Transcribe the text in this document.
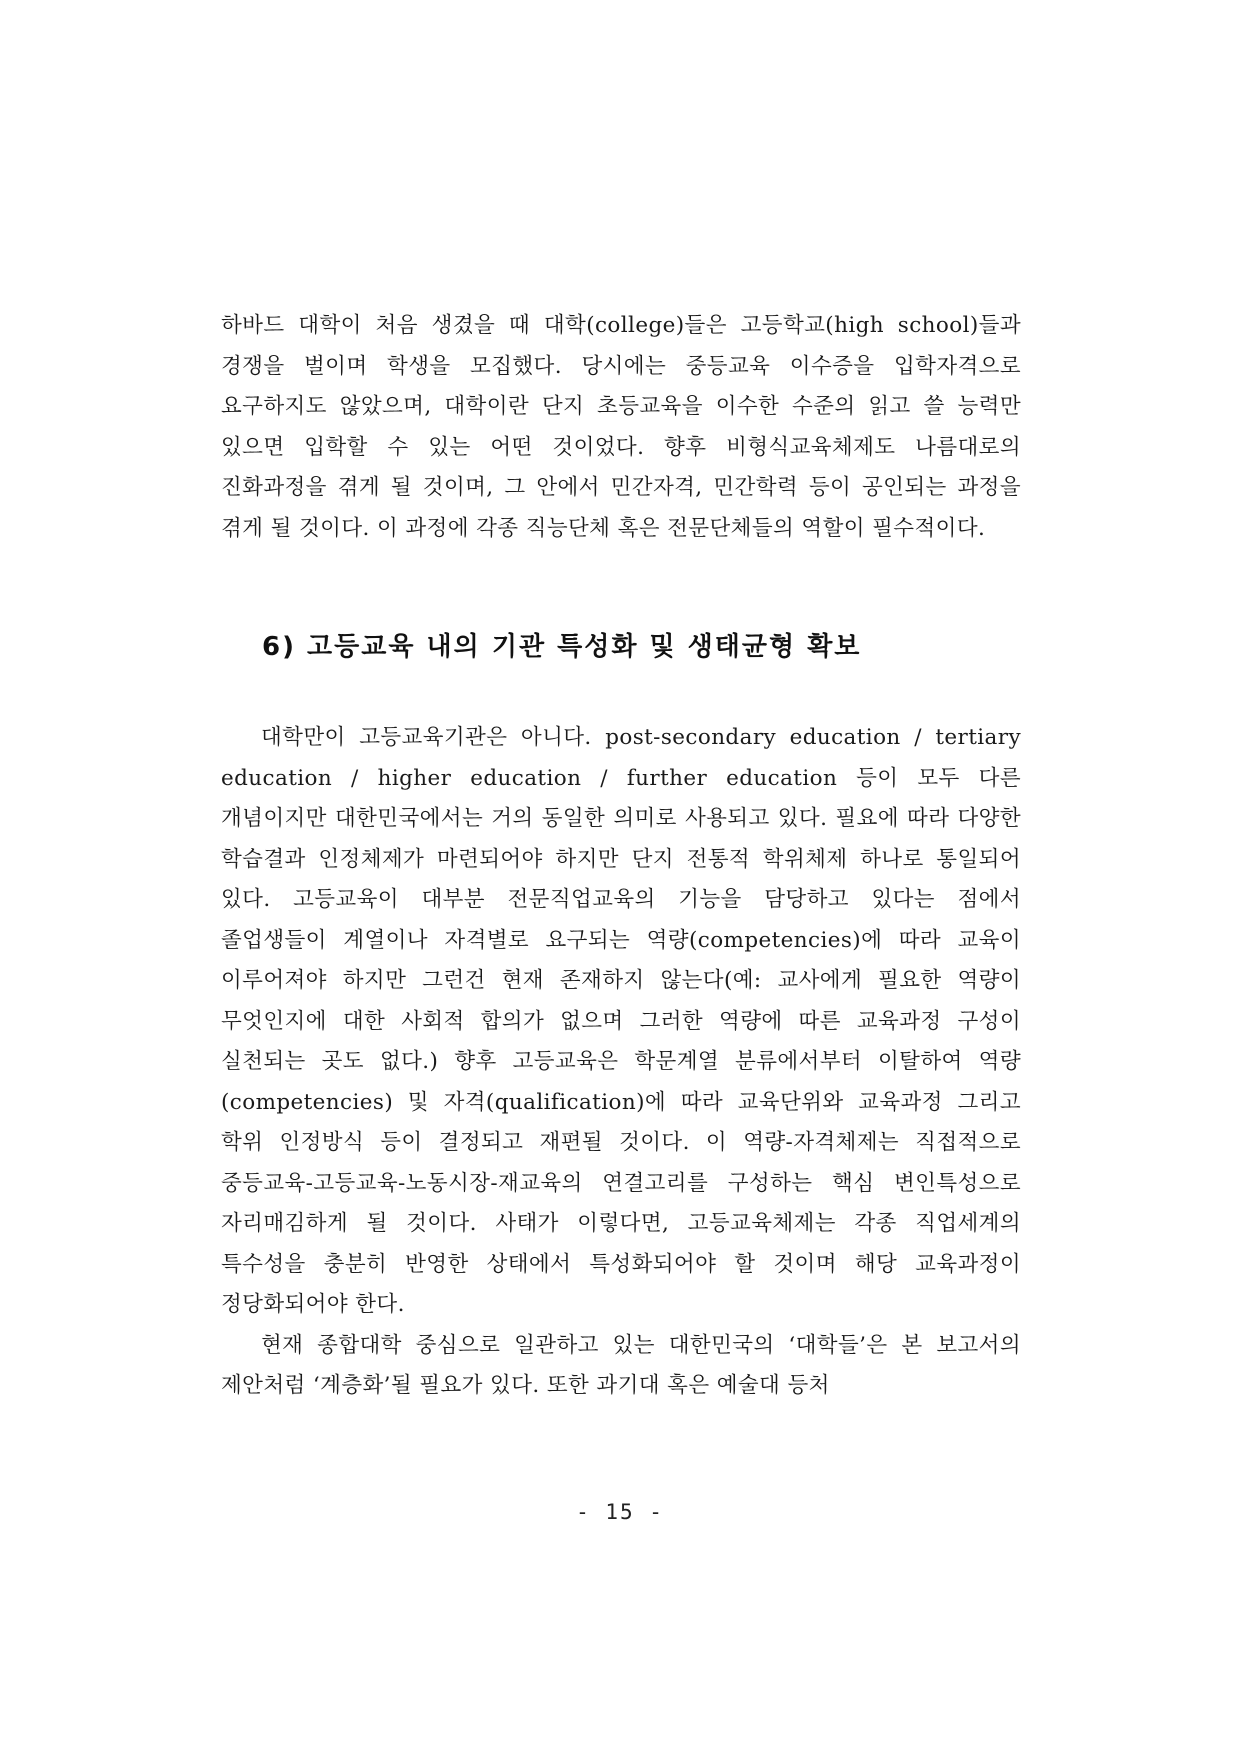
하바드 대학이 처음 생겼을 때 대학(college)들은 고등학교(high school)들과 경쟁을 벌이며 학생을 모집했다. 당시에는 중등교육 이수증을 입학자격으로 요구하지도 않았으며, 대학이란 단지 초등교육을 이수한 수준의 읽고 쓸 능력만 있으면 입학할 수 있는 어떤 것이었다. 향후 비형식교육체제도 나름대로의 진화과정을 겪게 될 것이며, 그 안에서 민간자격, 민간학력 등이 공인되는 과정을 겪게 될 것이다. 이 과정에 각종 직능단체 혹은 전문단체들의 역할이 필수적이다.

6) 고등교육 내의 기관 특성화 및 생태균형 확보

대학만이 고등교육기관은 아니다. post-secondary education / tertiary education / higher education / further education 등이 모두 다른 개념이지만 대한민국에서는 거의 동일한 의미로 사용되고 있다. 필요에 따라 다양한 학습결과 인정체제가 마련되어야 하지만 단지 전통적 학위체제 하나로 통일되어 있다. 고등교육이 대부분 전문직업교육의 기능을 담당하고 있다는 점에서 졸업생들이 계열이나 자격별로 요구되는 역량(competencies)에 따라 교육이 이루어져야 하지만 그런건 현재 존재하지 않는다(예: 교사에게 필요한 역량이 무엇인지에 대한 사회적 합의가 없으며 그러한 역량에 따른 교육과정 구성이 실천되는 곳도 없다.) 향후 고등교육은 학문계열 분류에서부터 이탈하여 역량(competencies) 및 자격(qualification)에 따라 교육단위와 교육과정 그리고 학위 인정방식 등이 결정되고 재편될 것이다. 이 역량-자격체제는 직접적으로 중등교육-고등교육-노동시장-재교육의 연결고리를 구성하는 핵심 변인특성으로 자리매김하게 될 것이다. 사태가 이렇다면, 고등교육체제는 각종 직업세계의 특수성을 충분히 반영한 상태에서 특성화되어야 할 것이며 해당 교육과정이 정당화되어야 한다.

현재 종합대학 중심으로 일관하고 있는 대한민국의 ‘대학들’은 본 보고서의 제안처럼 ‘계층화’될 필요가 있다. 또한 과기대 혹은 예술대 등처

- 15 -
